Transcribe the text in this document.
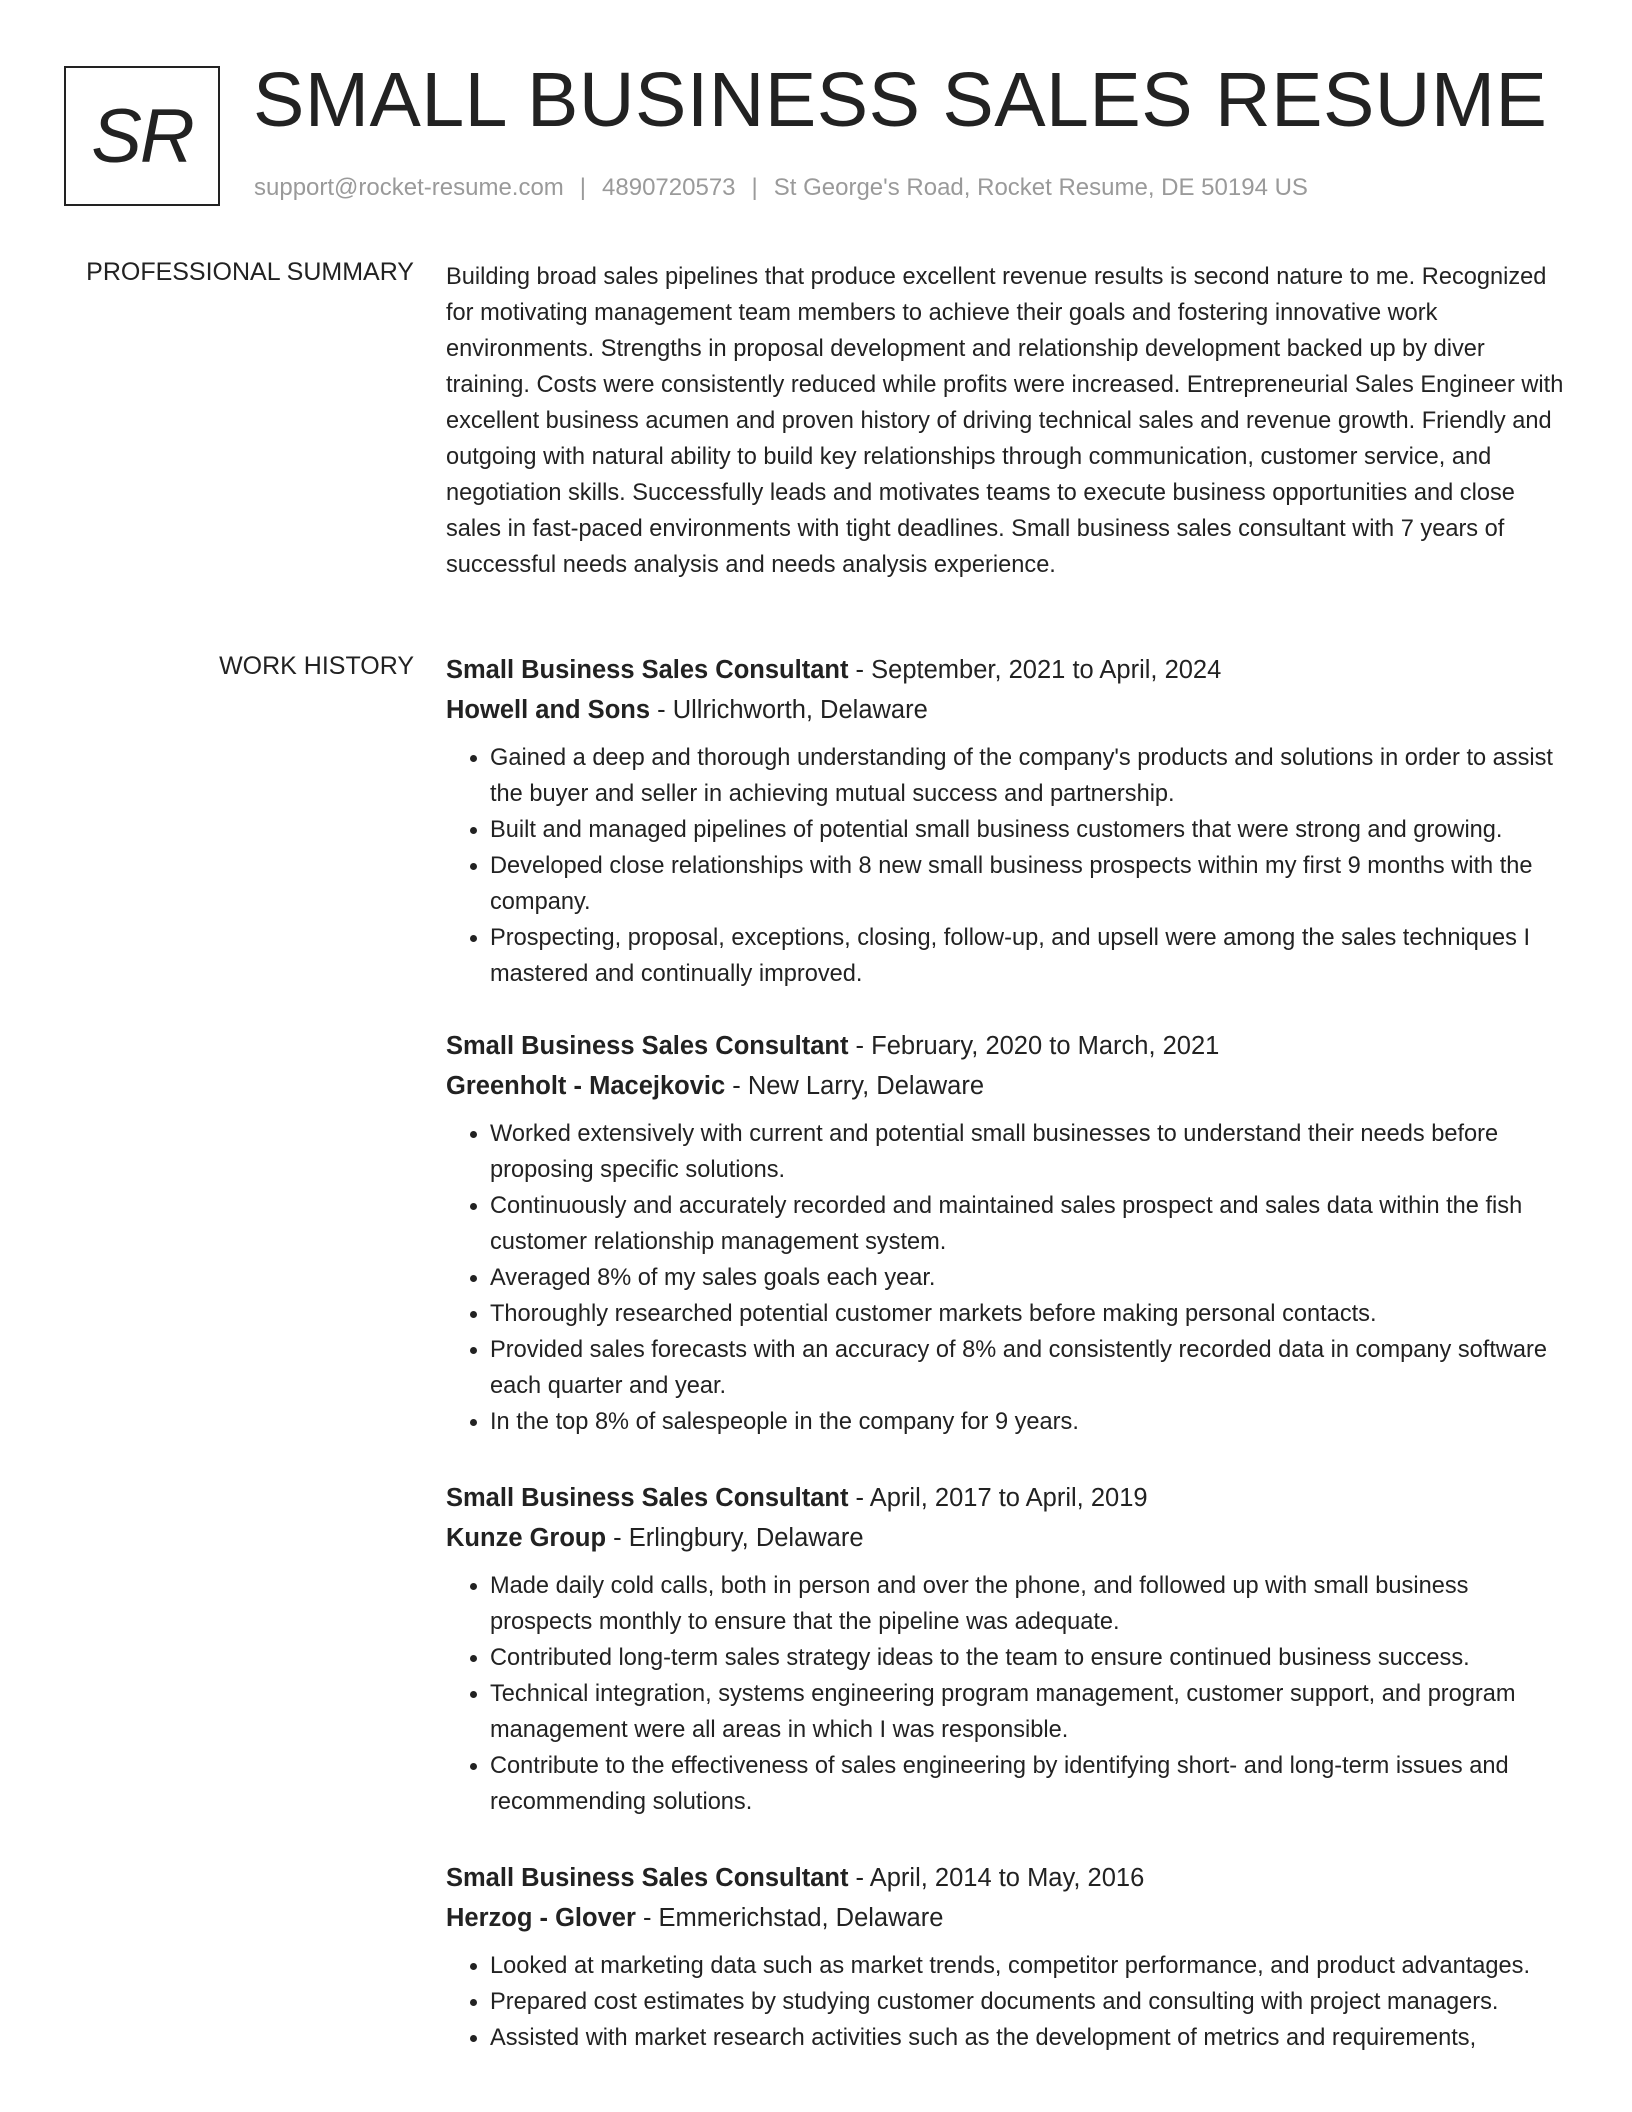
SR SMALL BUSINESS SALES RESUME
support@rocket-resume.com | 4890720573 | St George's Road, Rocket Resume, DE 50194 US
PROFESSIONAL SUMMARY Building broad sales pipelines that produce excellent revenue results is second nature to me. Recognized for motivating management team members to achieve their goals and fostering innovative work environments. Strengths in proposal development and relationship development backed up by diver training. Costs were consistently reduced while profits were increased. Entrepreneurial Sales Engineer with excellent business acumen and proven history of driving technical sales and revenue growth. Friendly and outgoing with natural ability to build key relationships through communication, customer service, and negotiation skills. Successfully leads and motivates teams to execute business opportunities and close sales in fast-paced environments with tight deadlines. Small business sales consultant with 7 years of successful needs analysis and needs analysis experience.
WORK HISTORY Small Business Sales Consultant - September, 2021 to April, 2024
Howell and Sons - Ullrichworth, Delaware
• Gained a deep and thorough understanding of the company's products and solutions in order to assist the buyer and seller in achieving mutual success and partnership.
• Built and managed pipelines of potential small business customers that were strong and growing.
• Developed close relationships with 8 new small business prospects within my first 9 months with the company.
• Prospecting, proposal, exceptions, closing, follow-up, and upsell were among the sales techniques I mastered and continually improved.
Small Business Sales Consultant - February, 2020 to March, 2021
Greenholt - Macejkovic - New Larry, Delaware
• Worked extensively with current and potential small businesses to understand their needs before proposing specific solutions.
• Continuously and accurately recorded and maintained sales prospect and sales data within the fish customer relationship management system.
• Averaged 8% of my sales goals each year.
• Thoroughly researched potential customer markets before making personal contacts.
• Provided sales forecasts with an accuracy of 8% and consistently recorded data in company software each quarter and year.
• In the top 8% of salespeople in the company for 9 years.
Small Business Sales Consultant - April, 2017 to April, 2019
Kunze Group - Erlingbury, Delaware
• Made daily cold calls, both in person and over the phone, and followed up with small business prospects monthly to ensure that the pipeline was adequate.
• Contributed long-term sales strategy ideas to the team to ensure continued business success.
• Technical integration, systems engineering program management, customer support, and program management were all areas in which I was responsible.
• Contribute to the effectiveness of sales engineering by identifying short- and long-term issues and recommending solutions.
Small Business Sales Consultant - April, 2014 to May, 2016
Herzog - Glover - Emmerichstad, Delaware
• Looked at marketing data such as market trends, competitor performance, and product advantages.
• Prepared cost estimates by studying customer documents and consulting with project managers.
• Assisted with market research activities such as the development of metrics and requirements,
